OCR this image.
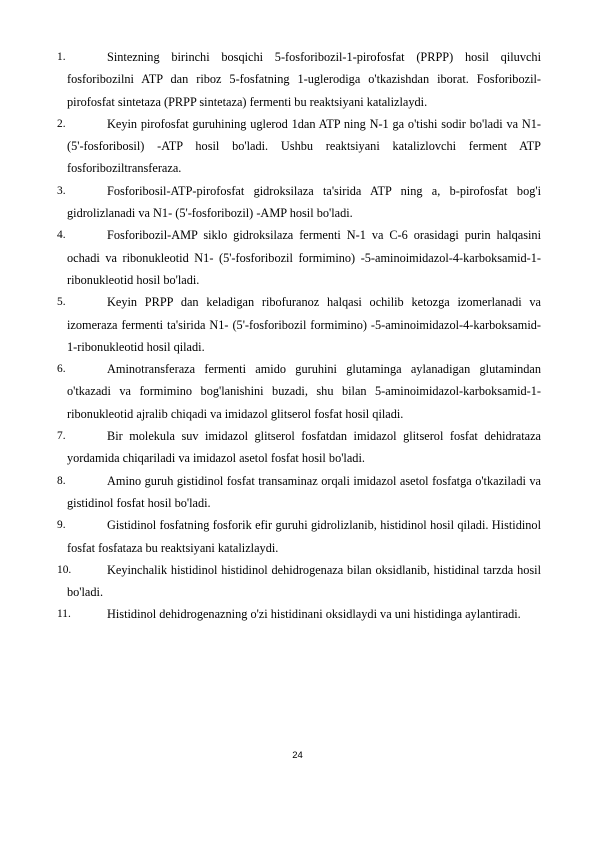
1.	Sintezning birinchi bosqichi 5-fosforibozil-1-pirofosfat (PRPP) hosil qiluvchi fosforibozilni ATP dan riboz 5-fosfatning 1-uglerodiga o'tkazishdan iborat. Fosforibozil-pirofosfat sintetaza (PRPP sintetaza) fermenti bu reaktsiyani katalizlaydi.
2.	Keyin pirofosfat guruhining uglerod 1dan ATP ning N-1 ga o'tishi sodir bo'ladi va N1- (5'-fosforibosil) -ATP hosil bo'ladi. Ushbu reaktsiyani katalizlovchi ferment ATP fosforiboziltransferaza.
3.	Fosforibosil-ATP-pirofosfat gidroksilaza ta'sirida ATP ning a, b-pirofosfat bog'i gidrolizlanadi va N1- (5'-fosforibozil) -AMP hosil bo'ladi.
4.	Fosforibozil-AMP siklo gidroksilaza fermenti N-1 va C-6 orasidagi purin halqasini ochadi va ribonukleotid N1- (5'-fosforibozil formimino) -5-aminoimidazol-4-karboksamid-1-ribonukleotid hosil bo'ladi.
5.	Keyin PRPP dan keladigan ribofuranoz halqasi ochilib ketozga izomerlanadi va izomeraza fermenti ta'sirida N1- (5'-fosforibozil formimino) -5-aminoimidazol-4-karboksamid-1-ribonukleotid hosil qiladi.
6.	Aminotransferaza fermenti amido guruhini glutaminga aylanadigan glutamindan o'tkazadi va formimino bog'lanishini buzadi, shu bilan 5-aminoimidazol-karboksamid-1-ribonukleotid ajralib chiqadi va imidazol glitserol fosfat hosil qiladi.
7.	Bir molekula suv imidazol glitserol fosfatdan imidazol glitserol fosfat dehidrataza yordamida chiqariladi va imidazol asetol fosfat hosil bo'ladi.
8.	Amino guruh gistidinol fosfat transaminaz orqali imidazol asetol fosfatga o'tkaziladi va gistidinol fosfat hosil bo'ladi.
9.	Gistidinol fosfatning fosforik efir guruhi gidrolizlanib, histidinol hosil qiladi. Histidinol fosfat fosfataza bu reaktsiyani katalizlaydi.
10.	Keyinchalik histidinol histidinol dehidrogenaza bilan oksidlanib, histidinal tarzda hosil bo'ladi.
11.	Histidinol dehidrogenazning o'zi histidinani oksidlaydi va uni histidinga aylantiradi.
24
